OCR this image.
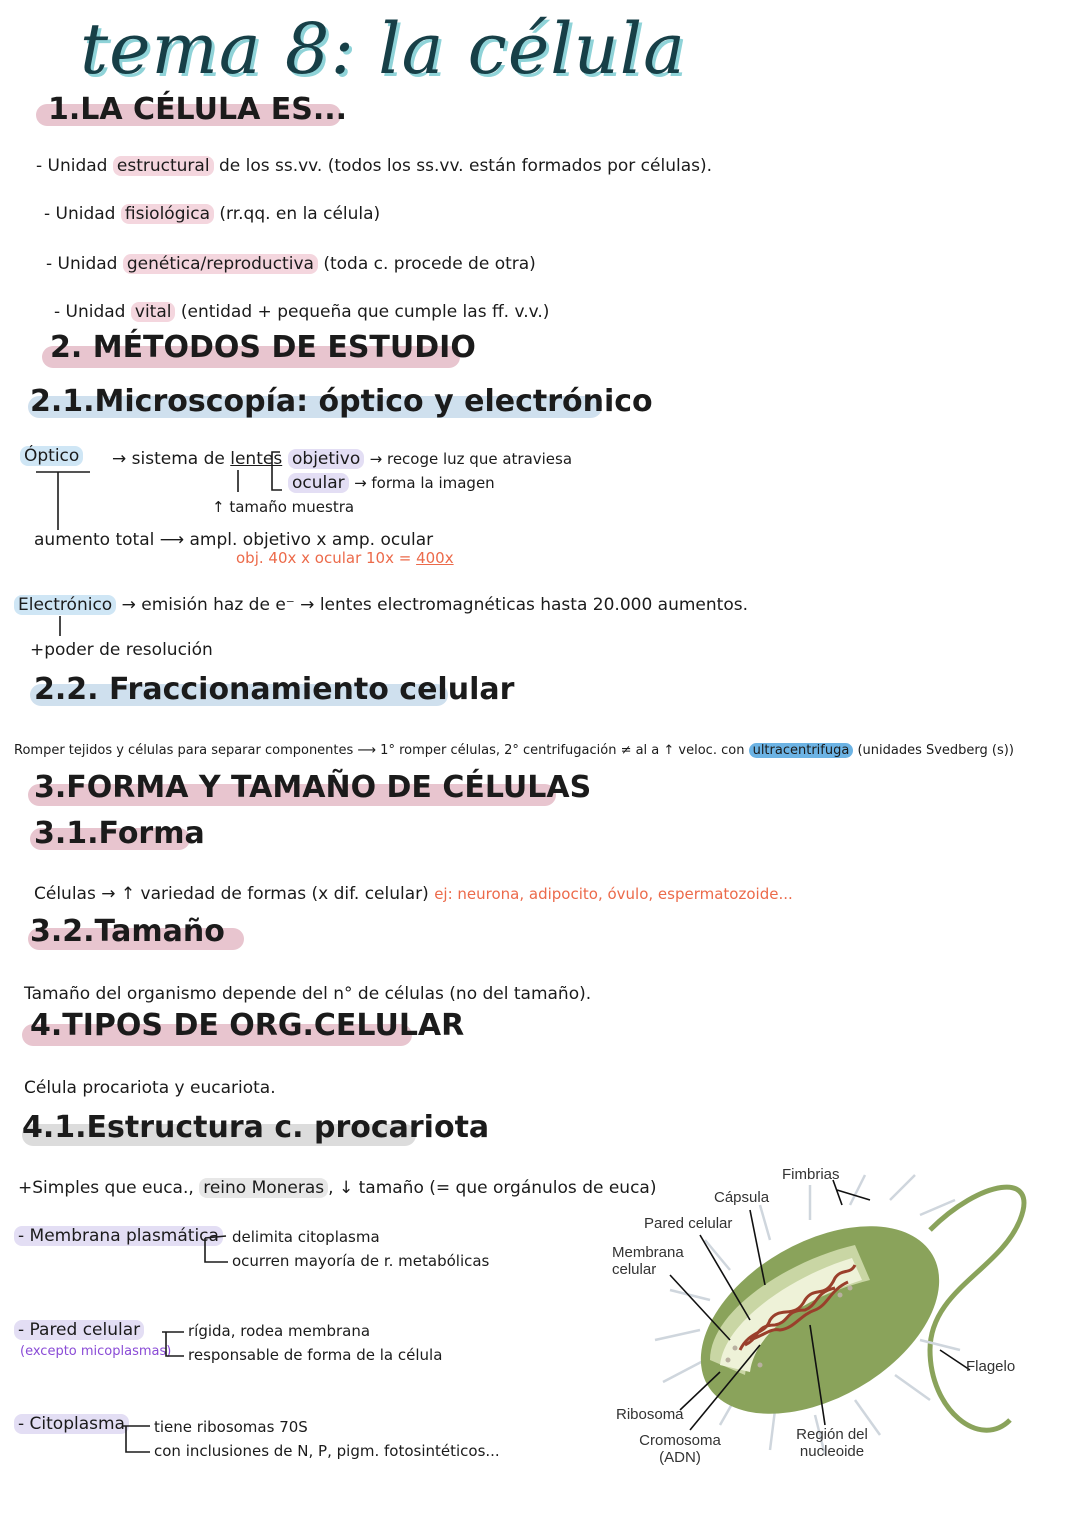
tema 8: la célula
1.LA CÉLULA ES...
- Unidad estructural de los ss.vv. (todos los ss.vv. están formados por células).
- Unidad fisiológica (rr.qq. en la célula)
- Unidad genética/reproductiva (toda c. procede de otra)
- Unidad vital (entidad + pequeña que cumple las ff. v.v.)
2. MÉTODOS DE ESTUDIO
2.1.Microscopía: óptico y electrónico
Óptico → sistema de lentes objetivo → recoge luz que atraviesa
ocular → forma la imagen
↑ tamaño muestra
aumento total ⟶ ampl. objetivo x amp. ocular
obj. 40x x ocular 10x = 400x
Electrónico → emisión haz de e⁻ → lentes electromagnéticas hasta 20.000 aumentos.
+poder de resolución
2.2. Fraccionamiento celular
Romper tejidos y células para separar componentes ⟶ 1° romper células, 2° centrifugación ≠ al a ↑ veloc. con ultracentrifuga (unidades Svedberg (s))
3.FORMA Y TAMAÑO DE CÉLULAS
3.1.Forma
Células → ↑ variedad de formas (x dif. celular) ej: neurona, adipocito, óvulo, espermatozoide...
3.2.Tamaño
Tamaño del organismo depende del n° de células (no del tamaño).
4.TIPOS DE ORG.CELULAR
Célula procariota y eucariota.
4.1.Estructura c. procariota
+Simples que euca., reino Moneras , ↓ tamaño (= que orgánulos de euca)
- Membrana plasmática delimita citoplasma
ocurren mayoría de r. metabólicas
- Pared celular
(excepto micoplasmas)
rígida, rodea membrana
responsable de forma de la célula
- Citoplasma tiene ribosomas 70S
con inclusiones de N, P, pigm. fotosintéticos...
Fimbrias
Cápsula
Pared celular
Membrana celular
Flagelo
Ribosoma
Cromosoma (ADN)
Región del nucleoide
